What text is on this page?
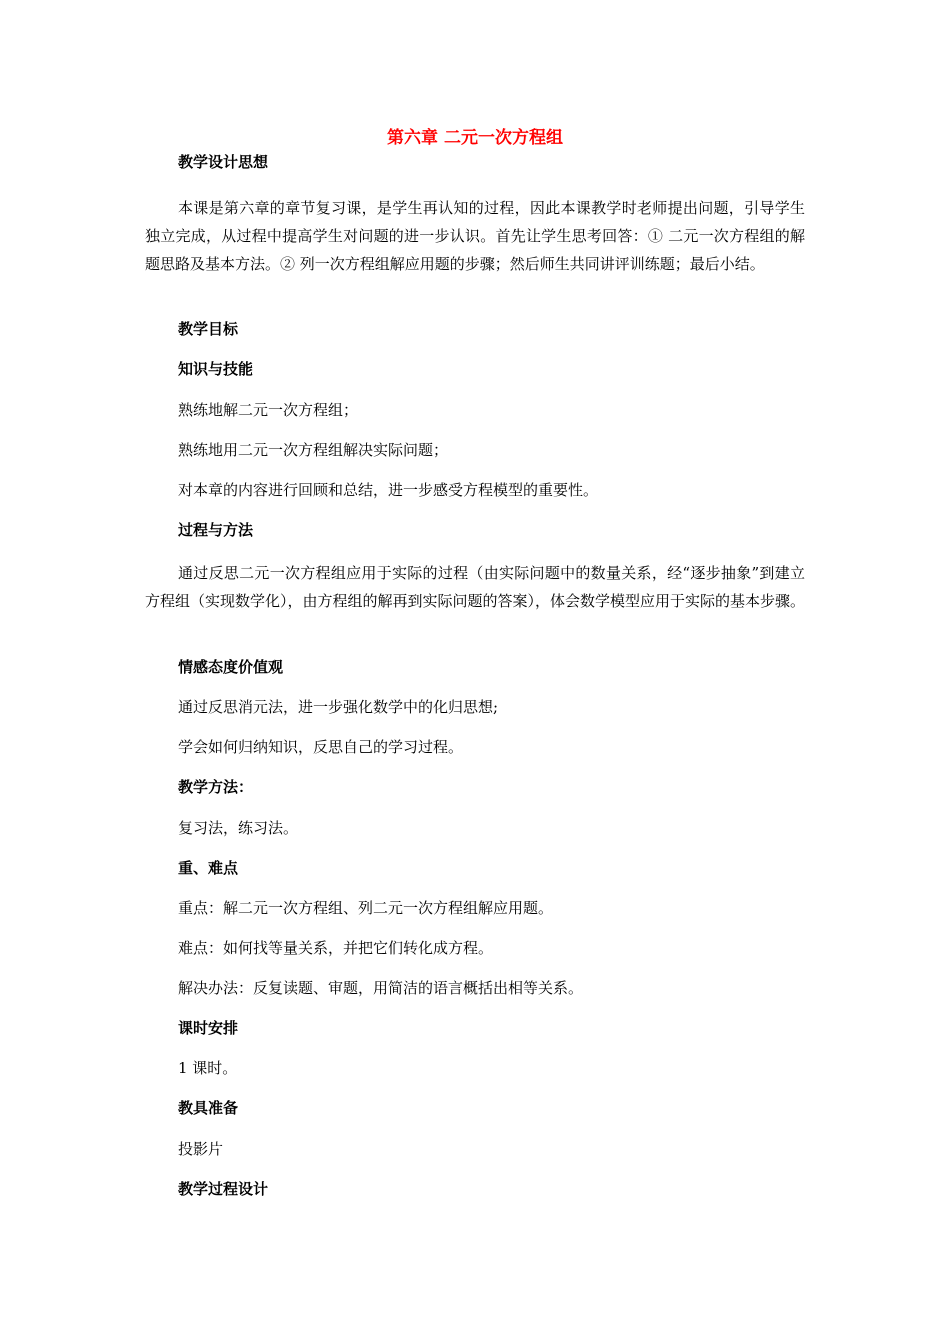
第六章 二元一次方程组
教学设计思想
本课是第六章的章节复习课，是学生再认知的过程，因此本课教学时老师提出问题，引导学生独立完成，从过程中提高学生对问题的进一步认识。首先让学生思考回答：① 二元一次方程组的解题思路及基本方法。② 列一次方程组解应用题的步骤；然后师生共同讲评训练题；最后小结。
教学目标
知识与技能
熟练地解二元一次方程组；
熟练地用二元一次方程组解决实际问题；
对本章的内容进行回顾和总结，进一步感受方程模型的重要性。
过程与方法
通过反思二元一次方程组应用于实际的过程（由实际问题中的数量关系，经“逐步抽象”到建立方程组（实现数学化），由方程组的解再到实际问题的答案），体会数学模型应用于实际的基本步骤。
情感态度价值观
通过反思消元法，进一步强化数学中的化归思想;
学会如何归纳知识，反思自己的学习过程。
教学方法：
复习法，练习法。
重、难点
重点：解二元一次方程组、列二元一次方程组解应用题。
难点：如何找等量关系，并把它们转化成方程。
解决办法：反复读题、审题，用简洁的语言概括出相等关系。
课时安排
1 课时。
教具准备
投影片
教学过程设计
